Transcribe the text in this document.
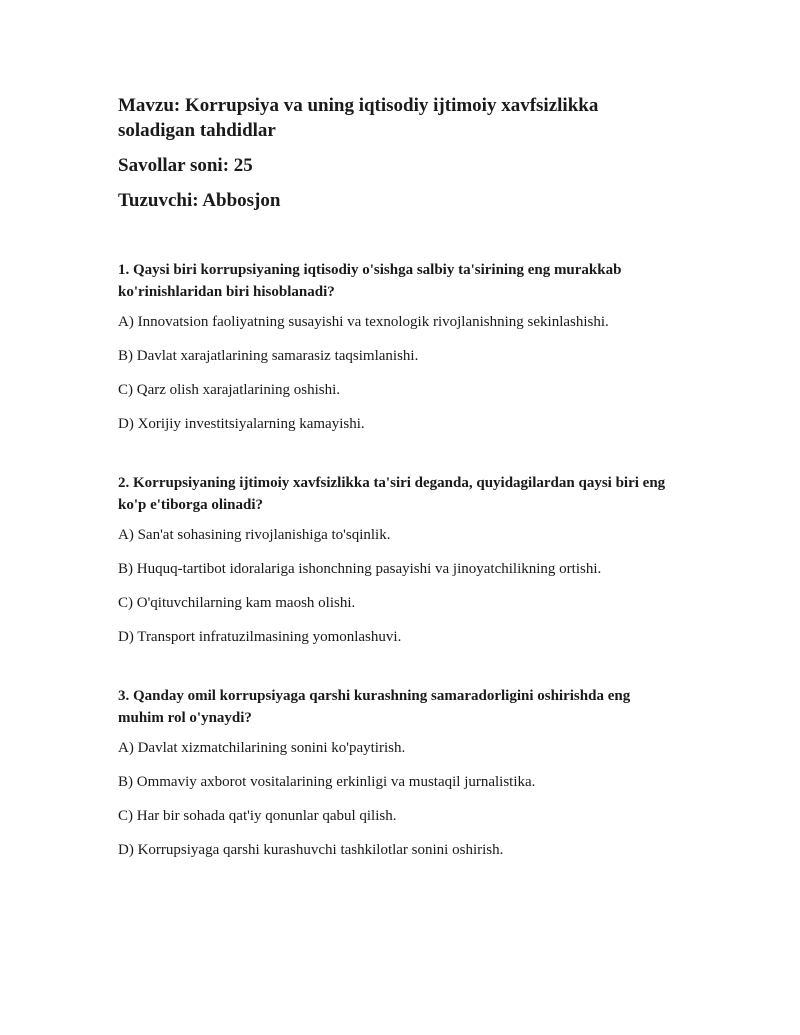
Mavzu: Korrupsiya va uning iqtisodiy ijtimoiy xavfsizlikka soladigan tahdidlar

Savollar soni: 25

Tuzuvchi: Abbosjon

1. Qaysi biri korrupsiyaning iqtisodiy o'sishga salbiy ta'sirining eng murakkab ko'rinishlaridan biri hisoblanadi?

A) Innovatsion faoliyatning susayishi va texnologik rivojlanishning sekinlashishi.

B) Davlat xarajatlarining samarasiz taqsimlanishi.

C) Qarz olish xarajatlarining oshishi.

D) Xorijiy investitsiyalarning kamayishi.

2. Korrupsiyaning ijtimoiy xavfsizlikka ta'siri deganda, quyidagilardan qaysi biri eng ko'p e'tiborga olinadi?

A) San'at sohasining rivojlanishiga to'sqinlik.

B) Huquq-tartibot idoralariga ishonchning pasayishi va jinoyatchilikning ortishi.

C) O'qituvchilarning kam maosh olishi.

D) Transport infratuzilmasining yomonlashuvi.

3. Qanday omil korrupsiyaga qarshi kurashning samaradorligini oshirishda eng muhim rol o'ynaydi?

A) Davlat xizmatchilarining sonini ko'paytirish.

B) Ommaviy axborot vositalarining erkinligi va mustaqil jurnalistika.

C) Har bir sohada qat'iy qonunlar qabul qilish.

D) Korrupsiyaga qarshi kurashuvchi tashkilotlar sonini oshirish.
